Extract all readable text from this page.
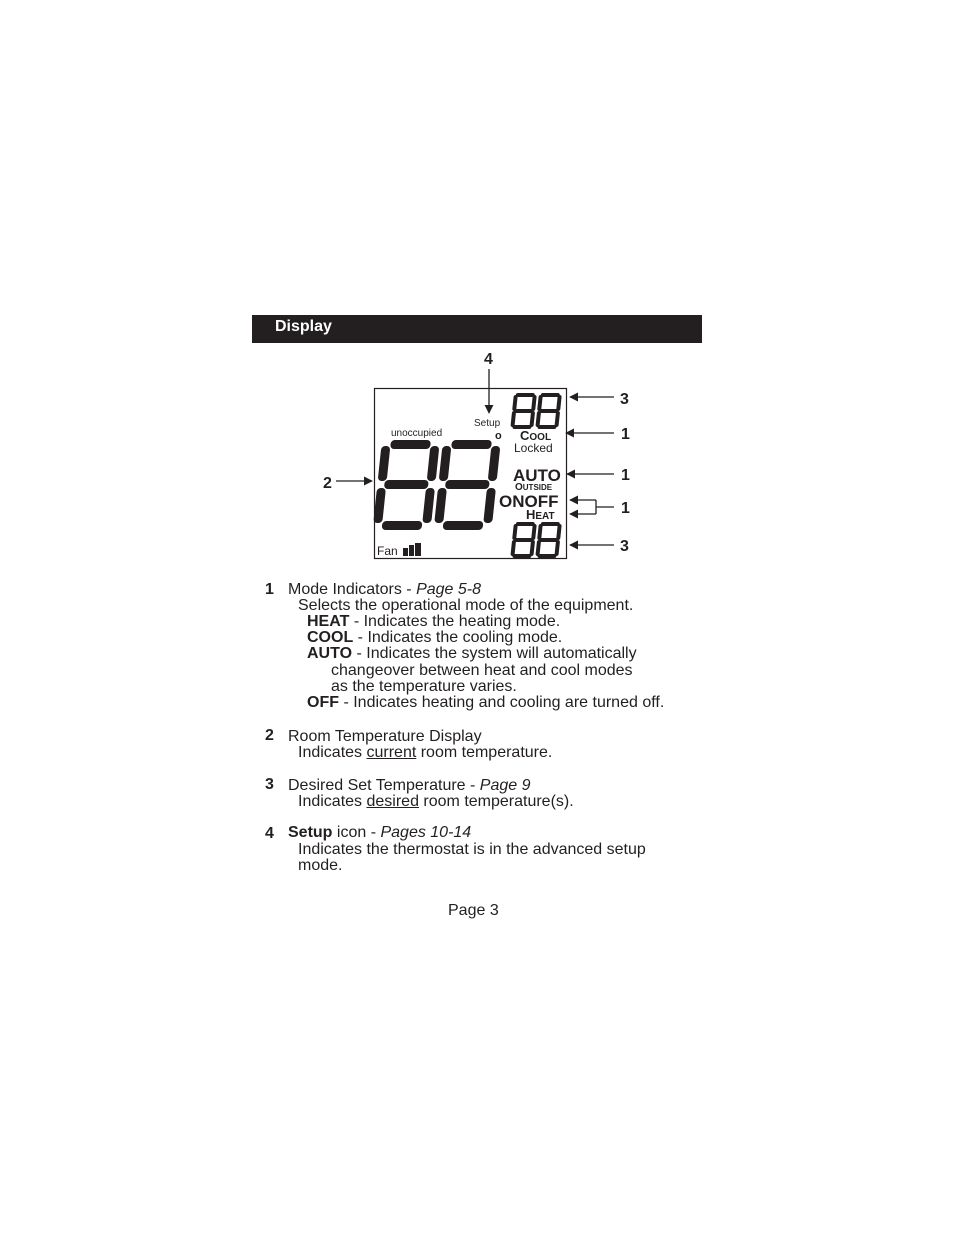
Display
unoccupied
Setup
o COOL
Locked
AUTO
OUTSIDE
ONOFF
HEAT
Fan
4
3
1
1
1
3
2
1 Mode Indicators - Page 5-8
Selects the operational mode of the equipment.
HEAT - Indicates the heating mode.
COOL - Indicates the cooling mode.
AUTO - Indicates the system will automatically
changeover between heat and cool modes
as the temperature varies.
OFF - Indicates heating and cooling are turned off.
2 Room Temperature Display
Indicates current room temperature.
3 Desired Set Temperature - Page 9
Indicates desired room temperature(s).
4 Setup icon - Pages 10-14
Indicates the thermostat is in the advanced setup
mode.
Page 3
